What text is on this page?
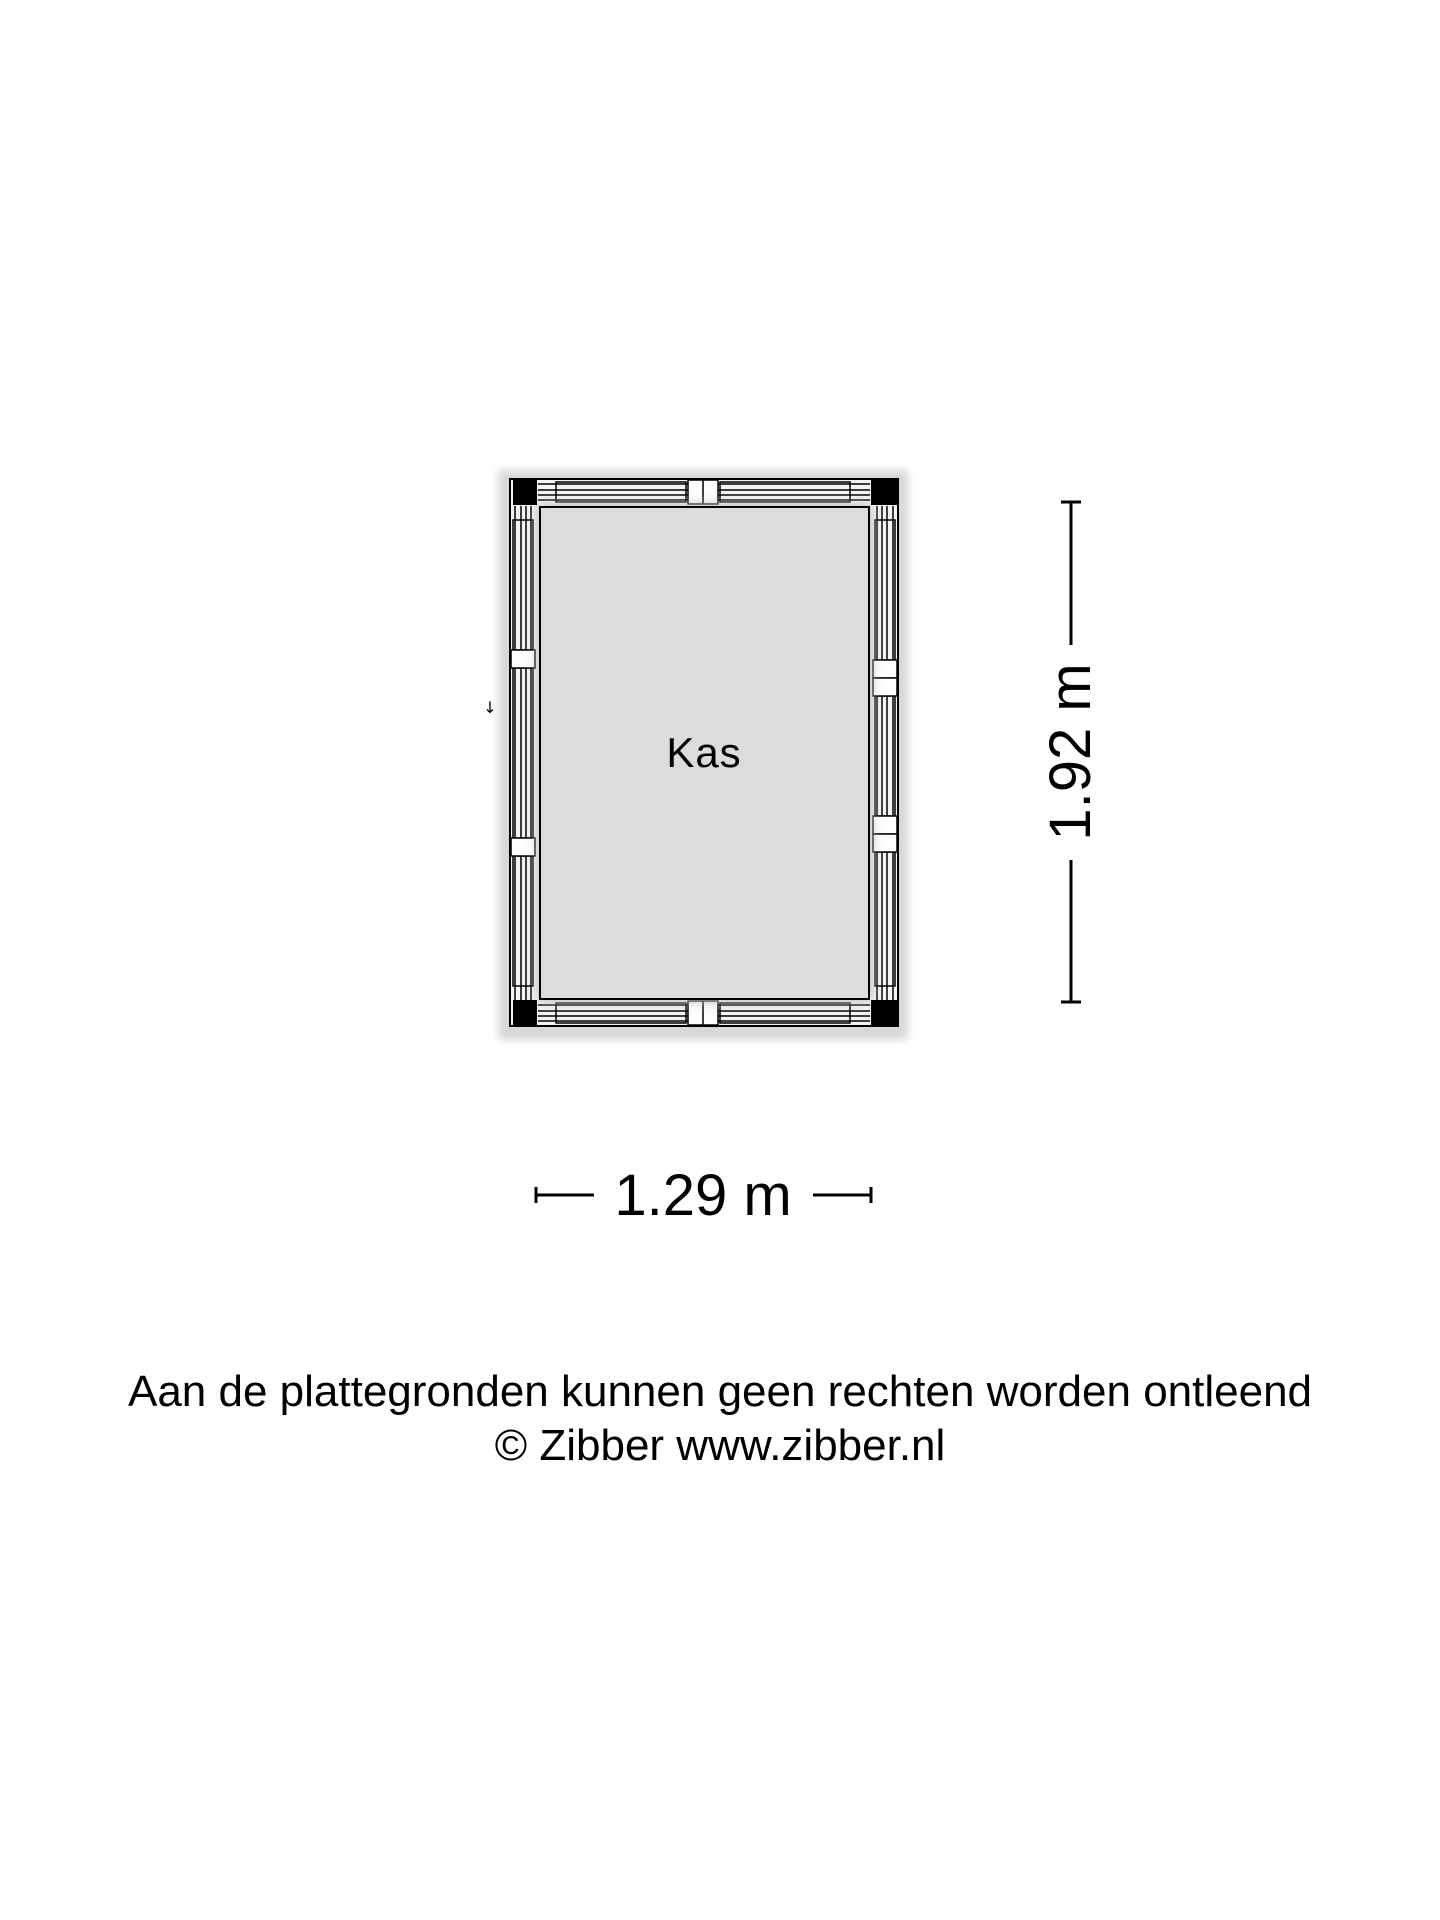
Kas
↓	1.92 m
1.29 m
Aan de plattegronden kunnen geen rechten worden ontleend
© Zibber www.zibber.nl
